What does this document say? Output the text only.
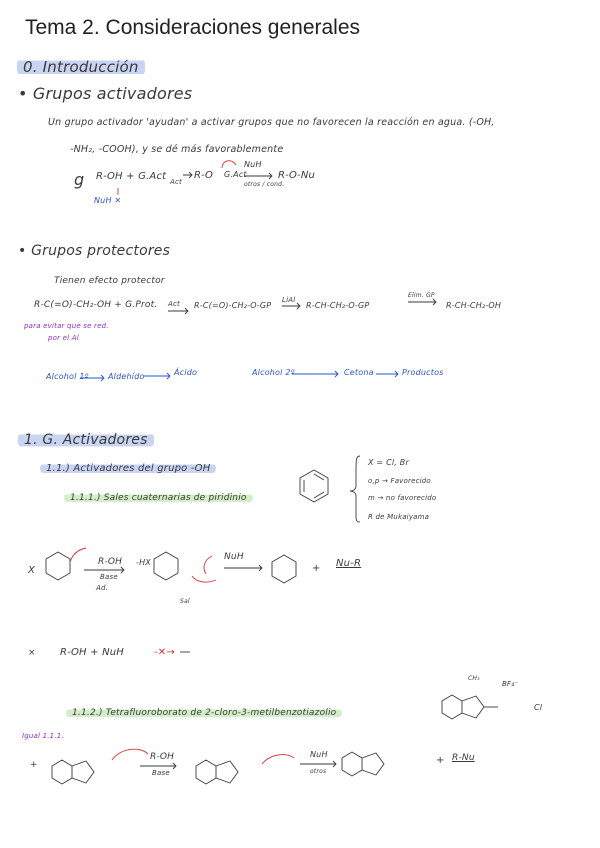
Tema 2. Consideraciones generales
0. Introducción
• Grupos activadores
Un grupo activador 'ayudan' a activar grupos que no favorecen la reacción en agua. (-OH,
-NH₂, -COOH), y se dé más favorablemente
g R-OH + G.Act Act
R-O G.Act
NuH
otros / cond.
R-O-Nu
NuH ✕
• Grupos protectores
Tienen efecto protector
R-C(=O)-CH₂-OH + G.Prot. Act R-C(=O)-CH₂-O-GP
LiAl
R-CH-CH₂-O-GP
Elim. GP
R-CH-CH₂-OH
para evitar que se red.
por el Al
Alcohol 1º Aldehído	Ácido	Alcohol 2º	Cetona	Productos
1. G. Activadores
1.1.) Activadores del grupo -OH
1.1.1.) Sales cuaternarias de piridinio
X = Cl, Br
o,p → Favorecido
m → no favorecido
R de Mukaiyama
X
R-OH
Base
Ad.
-HX
NuH
Sal
+ Nu-R
× R-OH + NuH	-✕→
1.1.2.) Tetrafluoroborato de 2-cloro-3-metilbenzotiazolio
CH₃
BF₄⁻
Cl
Igual 1.1.1.
+
R-OH
Base
NuH
otros
+ R-Nu
